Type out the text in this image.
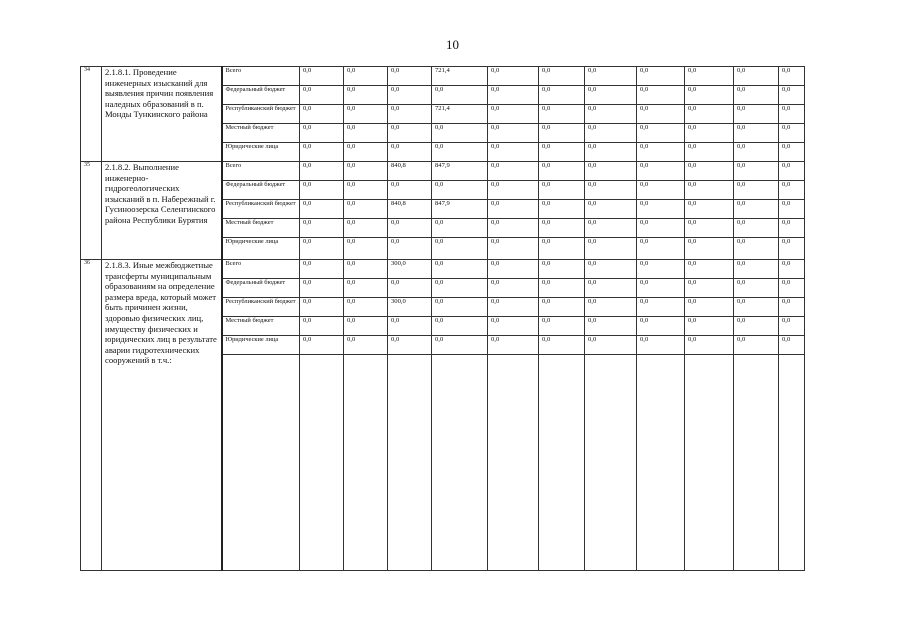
10
34	2.1.8.1. Проведение инженерных изысканий для выявления причин появления наледных образований в п. Монды Тункинского района	Всего	0,0	0,0	0,0	721,4	0,0	0,0	0,0	0,0	0,0	0,0	0,0
		Федеральный бюджет	0,0	0,0	0,0	0,0	0,0	0,0	0,0	0,0	0,0	0,0	0,0
		Республиканский бюджет	0,0	0,0	0,0	721,4	0,0	0,0	0,0	0,0	0,0	0,0	0,0
		Местный бюджет	0,0	0,0	0,0	0,0	0,0	0,0	0,0	0,0	0,0	0,0	0,0
		Юридические лица	0,0	0,0	0,0	0,0	0,0	0,0	0,0	0,0	0,0	0,0	0,0
35	2.1.8.2. Выполнение инженерно-гидрогеологических изысканий в п. Набережный г. Гусиноозерска Селенгинского района Республики Бурятия	Всего	0,0	0,0	840,8	847,9	0,0	0,0	0,0	0,0	0,0	0,0	0,0
		Федеральный бюджет	0,0	0,0	0,0	0,0	0,0	0,0	0,0	0,0	0,0	0,0	0,0
		Республиканский бюджет	0,0	0,0	840,8	847,9	0,0	0,0	0,0	0,0	0,0	0,0	0,0
		Местный бюджет	0,0	0,0	0,0	0,0	0,0	0,0	0,0	0,0	0,0	0,0	0,0
		Юридические лица	0,0	0,0	0,0	0,0	0,0	0,0	0,0	0,0	0,0	0,0	0,0
36	2.1.8.3. Иные межбюджетные трансферты муниципальным образованиям на определение размера вреда, который может быть причинен жизни, здоровью физических лиц, имуществу физических и юридических лиц в результате аварии гидротехнических сооружений в т.ч.:	Всего	0,0	0,0	300,0	0,0	0,0	0,0	0,0	0,0	0,0	0,0	0,0
		Федеральный бюджет	0,0	0,0	0,0	0,0	0,0	0,0	0,0	0,0	0,0	0,0	0,0
		Республиканский бюджет	0,0	0,0	300,0	0,0	0,0	0,0	0,0	0,0	0,0	0,0	0,0
		Местный бюджет	0,0	0,0	0,0	0,0	0,0	0,0	0,0	0,0	0,0	0,0	0,0
		Юридические лица	0,0	0,0	0,0	0,0	0,0	0,0	0,0	0,0	0,0	0,0	0,0
